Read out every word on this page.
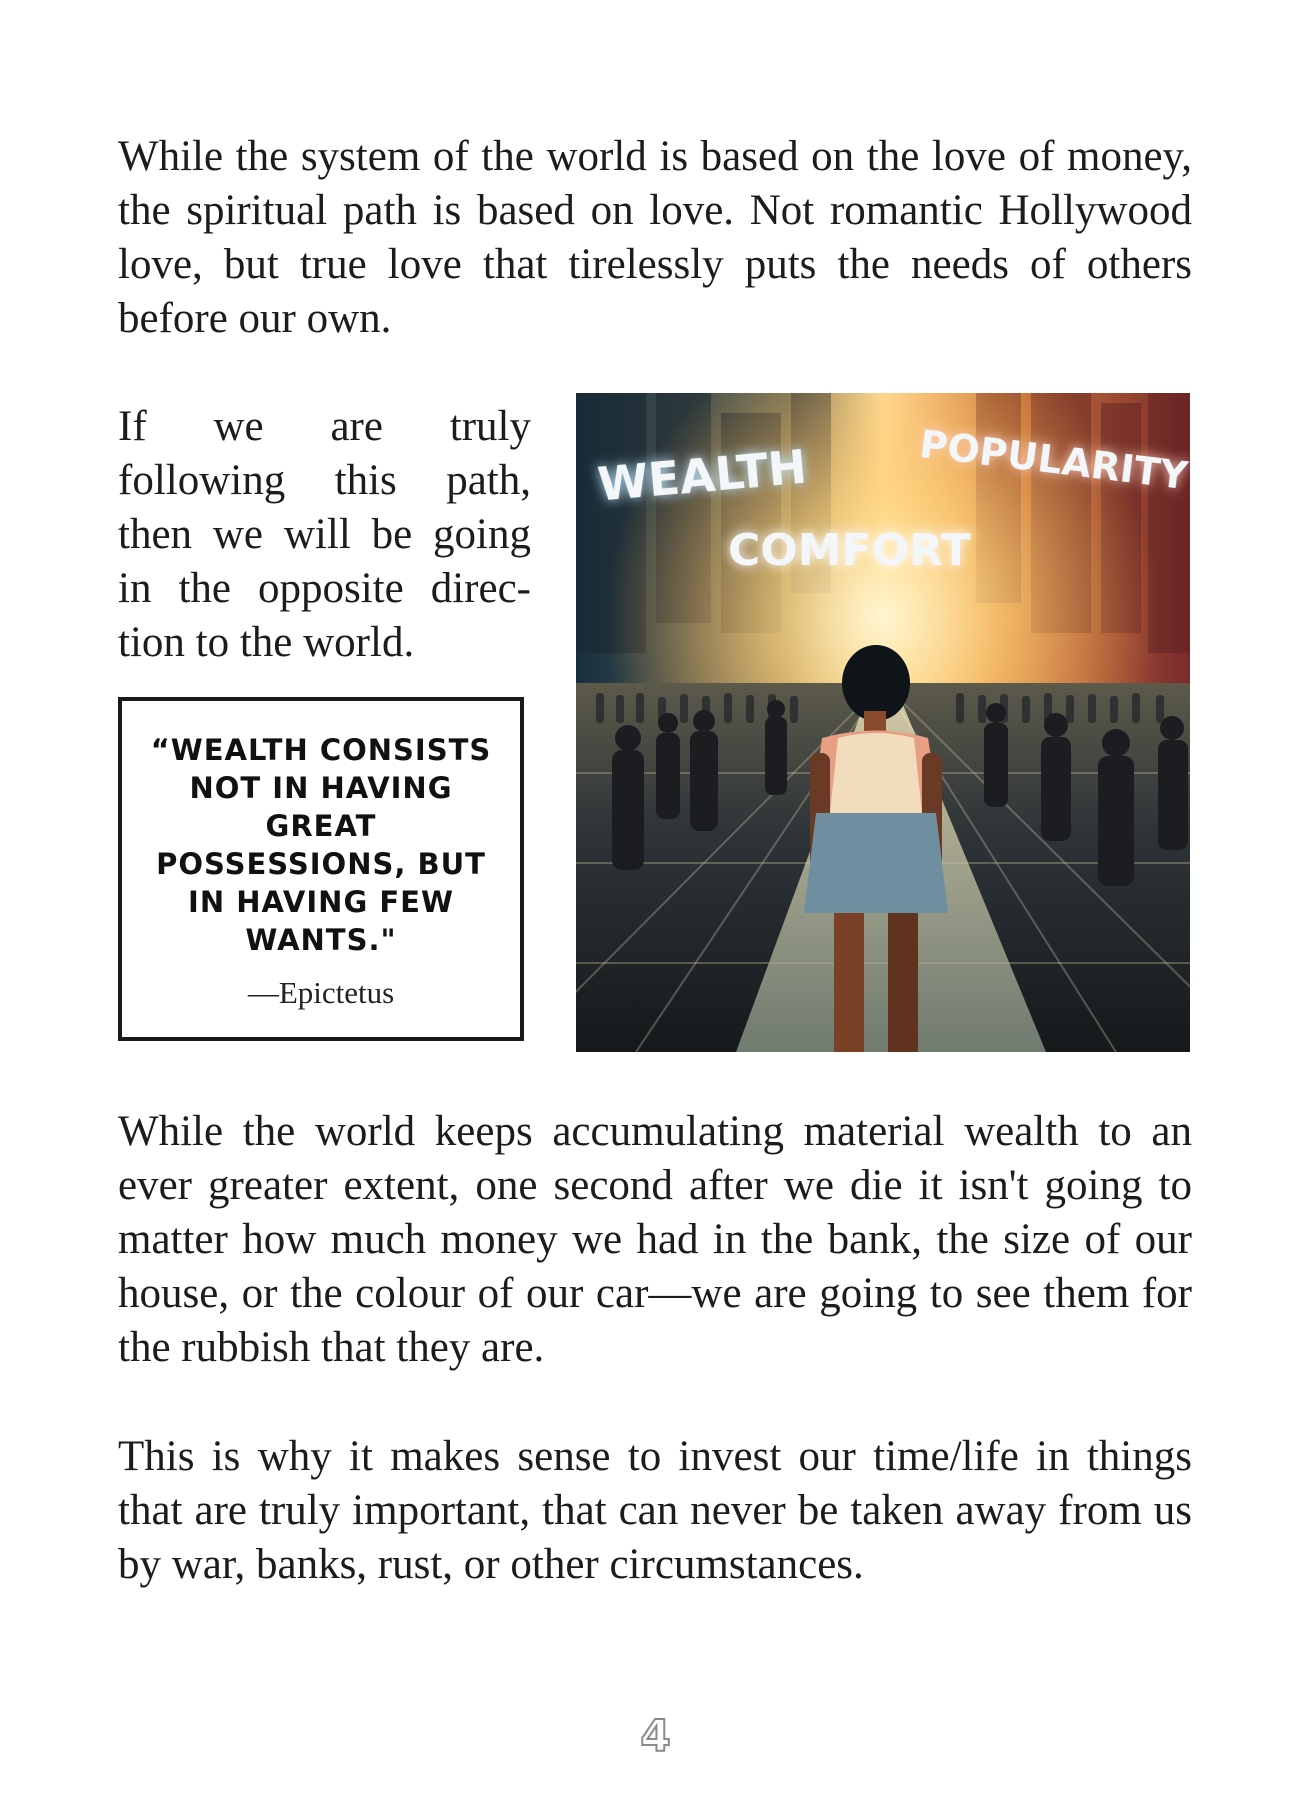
While the system of the world is based on the love of money, the spiritual path is based on love. Not romantic Hollywood love, but true love that tirelessly puts the needs of others before our own.

If we are truly following this path, then we will be going in the opposite direction to the world.

“WEALTH CONSISTS NOT IN HAVING GREAT POSSESSIONS, BUT IN HAVING FEW WANTS."

—Epictetus

WEALTH	POPULARITY
COMFORT

While the world keeps accumulating material wealth to an ever greater extent, one second after we die it isn't going to matter how much money we had in the bank, the size of our house, or the colour of our car—we are going to see them for the rubbish that they are.

This is why it makes sense to invest our time/life in things that are truly important, that can never be taken away from us by war, banks, rust, or other circumstances.

4
